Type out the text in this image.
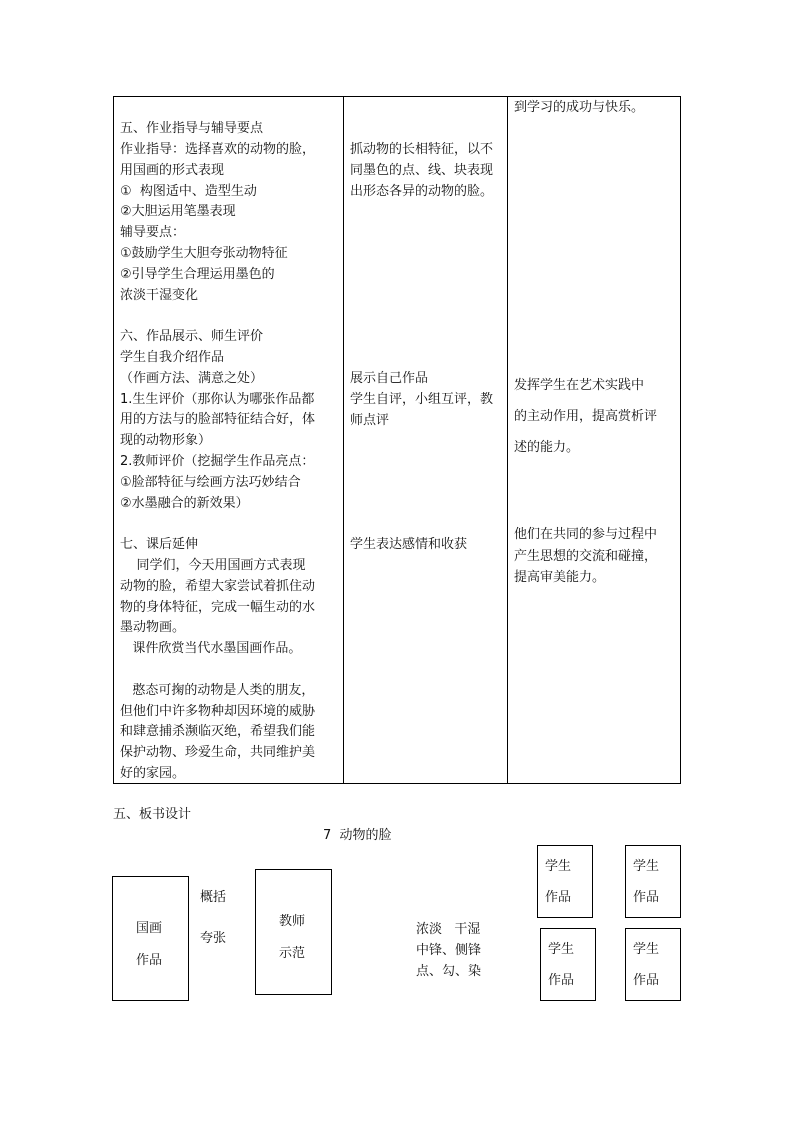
五、作业指导与辅导要点
作业指导：选择喜欢的动物的脸，
用国画的形式表现
①  构图适中、造型生动
②大胆运用笔墨表现
辅导要点：
①鼓励学生大胆夸张动物特征
②引导学生合理运用墨色的
浓淡干湿变化
六、作品展示、师生评价
学生自我介绍作品
（作画方法、满意之处）
1.生生评价（那你认为哪张作品都
用的方法与的脸部特征结合好，体
现的动物形象）
2.教师评价（挖掘学生作品亮点：
①脸部特征与绘画方法巧妙结合
②水墨融合的新效果）
七、课后延伸
同学们，今天用国画方式表现
动物的脸，希望大家尝试着抓住动
物的身体特征，完成一幅生动的水
墨动物画。
课件欣赏当代水墨国画作品。
憨态可掬的动物是人类的朋友，
但他们中许多物种却因环境的威胁
和肆意捕杀濒临灭绝，希望我们能
保护动物、珍爱生命，共同维护美
好的家园。
抓动物的长相特征，以不
同墨色的点、线、块表现
出形态各异的动物的脸。
展示自己作品
学生自评，小组互评，教
师点评
学生表达感情和收获
到学习的成功与快乐。
发挥学生在艺术实践中
的主动作用，提高赏析评
述的能力。
他们在共同的参与过程中
产生思想的交流和碰撞，
提高审美能力。
五、板书设计
7  动物的脸
国画
作品
概括
夸张
教师
示范
浓淡   干湿
中锋、侧锋
点、勾、染
学生
作品
学生
作品
学生
作品
学生
作品
